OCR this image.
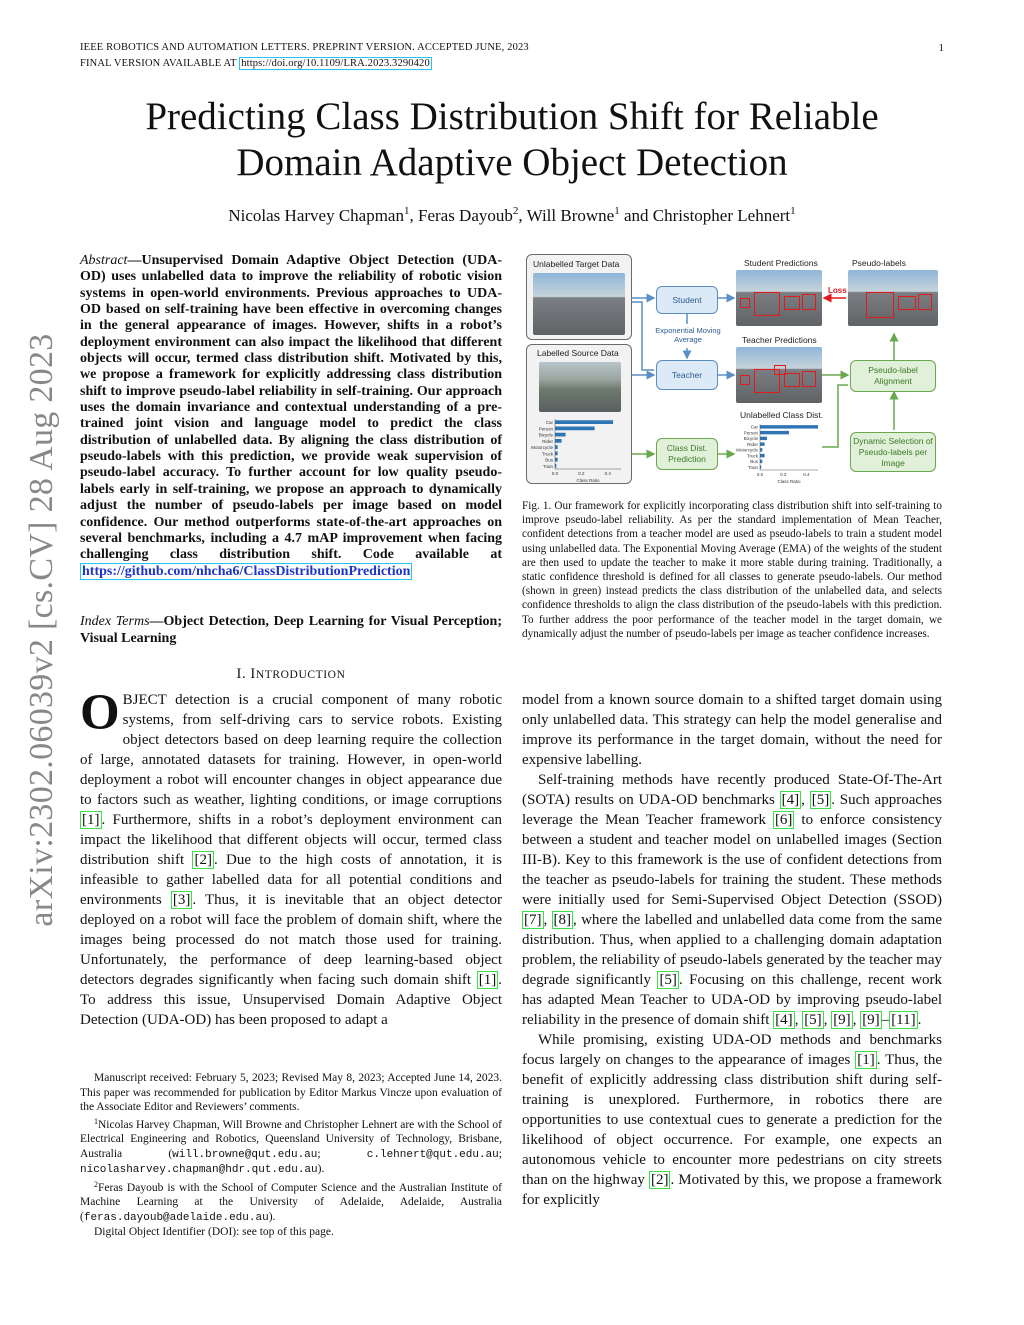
IEEE ROBOTICS AND AUTOMATION LETTERS. PREPRINT VERSION. ACCEPTED JUNE, 2023
FINAL VERSION AVAILABLE AT https://doi.org/10.1109/LRA.2023.3290420
1
arXiv:2302.06039v2 [cs.CV] 28 Aug 2023
Predicting Class Distribution Shift for Reliable
Domain Adaptive Object Detection
Nicolas Harvey Chapman$^1$, Feras Dayoub$^2$, Will Browne$^1$ and Christopher Lehnert$^1$
Abstract—Unsupervised Domain Adaptive Object Detection (UDA-OD) uses unlabelled data to improve the reliability of robotic vision systems in open-world environments. Previous approaches to UDA-OD based on self-training have been effective in overcoming changes in the general appearance of images. However, shifts in a robot’s deployment environment can also impact the likelihood that different objects will occur, termed class distribution shift. Motivated by this, we propose a framework for explicitly addressing class distribution shift to improve pseudo-label reliability in self-training. Our approach uses the domain invariance and contextual understanding of a pre-trained joint vision and language model to predict the class distribution of unlabelled data. By aligning the class distribution of pseudo-labels with this prediction, we provide weak supervision of pseudo-label accuracy. To further account for low quality pseudo-labels early in self-training, we propose an approach to dynamically adjust the number of pseudo-labels per image based on model confidence. Our method outperforms state-of-the-art approaches on several benchmarks, including a 4.7 mAP improvement when facing challenging class distribution shift. Code available at https://github.com/nhcha6/ClassDistributionPrediction
Index Terms—Object Detection, Deep Learning for Visual Perception; Visual Learning
I. INTRODUCTION

OBJECT detection is a crucial component of many robotic systems, from self-driving cars to service robots. Existing object detectors based on deep learning require the collection of large, annotated datasets for training. However, in open-world deployment a robot will encounter changes in object appearance due to factors such as weather, lighting conditions, or image corruptions [1] . Furthermore, shifts in a robot’s deployment environment can impact the likelihood that different objects will occur, termed class distribution shift [2] . Due to the high costs of annotation, it is infeasible to gather labelled data for all potential conditions and environments [3] . Thus, it is inevitable that an object detector deployed on a robot will face the problem of domain shift, where the images being processed do not match those used for training. Unfortunately, the performance of deep learning-based object detectors degrades significantly when facing such domain shift [1] . To address this issue, Unsupervised Domain Adaptive Object Detection (UDA-OD) has been proposed to adapt a

Manuscript received: February 5, 2023; Revised May 8, 2023; Accepted June 14, 2023. This paper was recommended for publication by Editor Markus Vincze upon evaluation of the Associate Editor and Reviewers’ comments.

$^1$Nicolas Harvey Chapman, Will Browne and Christopher Lehnert are with the School of Electrical Engineering and Robotics, Queensland University of Technology, Brisbane, Australia (will.browne@qut.edu.au; c.lehnert@qut.edu.au; nicolasharvey.chapman@hdr.qut.edu.au).

$^2$Feras Dayoub is with the School of Computer Science and the Australian Institute of Machine Learning at the University of Adelaide, Adelaide, Australia (feras.dayoub@adelaide.edu.au).

Digital Object Identifier (DOI): see top of this page.

Unlabelled Target Data
Labelled Source Data
Car
Person
Bicycle
Rider
Motorcycle
Truck
Bus
Train
0.0	0.2	0.4
Class Ratio
Student
Exponential Moving Average
Teacher
Class Dist. Prediction
Student Predictions
Loss
Pseudo-labels
Teacher Predictions
Unlabelled Class Dist.
Car
Person
Bicycle
Rider
Motorcycle
Truck
Bus
Train
0.0	0.2	0.4
Class Ratio
Pseudo-label Alignment
Dynamic Selection of Pseudo-labels per Image
Fig. 1. Our framework for explicitly incorporating class distribution shift into self-training to improve pseudo-label reliability. As per the standard implementation of Mean Teacher, confident detections from a teacher model are used as pseudo-labels to train a student model using unlabelled data. The Exponential Moving Average (EMA) of the weights of the student are then used to update the teacher to make it more stable during training. Traditionally, a static confidence threshold is defined for all classes to generate pseudo-labels. Our method (shown in green) instead predicts the class distribution of the unlabelled data, and selects confidence thresholds to align the class distribution of the pseudo-labels with this prediction. To further address the poor performance of the teacher model in the target domain, we dynamically adjust the number of pseudo-labels per image as teacher confidence increases.

model from a known source domain to a shifted target domain using only unlabelled data. This strategy can help the model generalise and improve its performance in the target domain, without the need for expensive labelling.

Self-training methods have recently produced State-Of-The-Art (SOTA) results on UDA-OD benchmarks [4] , [5] . Such approaches leverage the Mean Teacher framework [6] to enforce consistency between a student and teacher model on unlabelled images (Section III-B). Key to this framework is the use of confident detections from the teacher as pseudo-labels for training the student. These methods were initially used for Semi-Supervised Object Detection (SSOD) [7] , [8] , where the labelled and unlabelled data come from the same distribution. Thus, when applied to a challenging domain adaptation problem, the reliability of pseudo-labels generated by the teacher may degrade significantly [5] . Focusing on this challenge, recent work has adapted Mean Teacher to UDA-OD by improving pseudo-label reliability in the presence of domain shift [4] , [5] , [9] , [9] – [11] .

While promising, existing UDA-OD methods and benchmarks focus largely on changes to the appearance of images [1] . Thus, the benefit of explicitly addressing class distribution shift during self-training is unexplored. Furthermore, in robotics there are opportunities to use contextual cues to generate a prediction for the likelihood of object occurrence. For example, one expects an autonomous vehicle to encounter more pedestrians on city streets than on the highway [2] . Motivated by this, we propose a framework for explicitly
